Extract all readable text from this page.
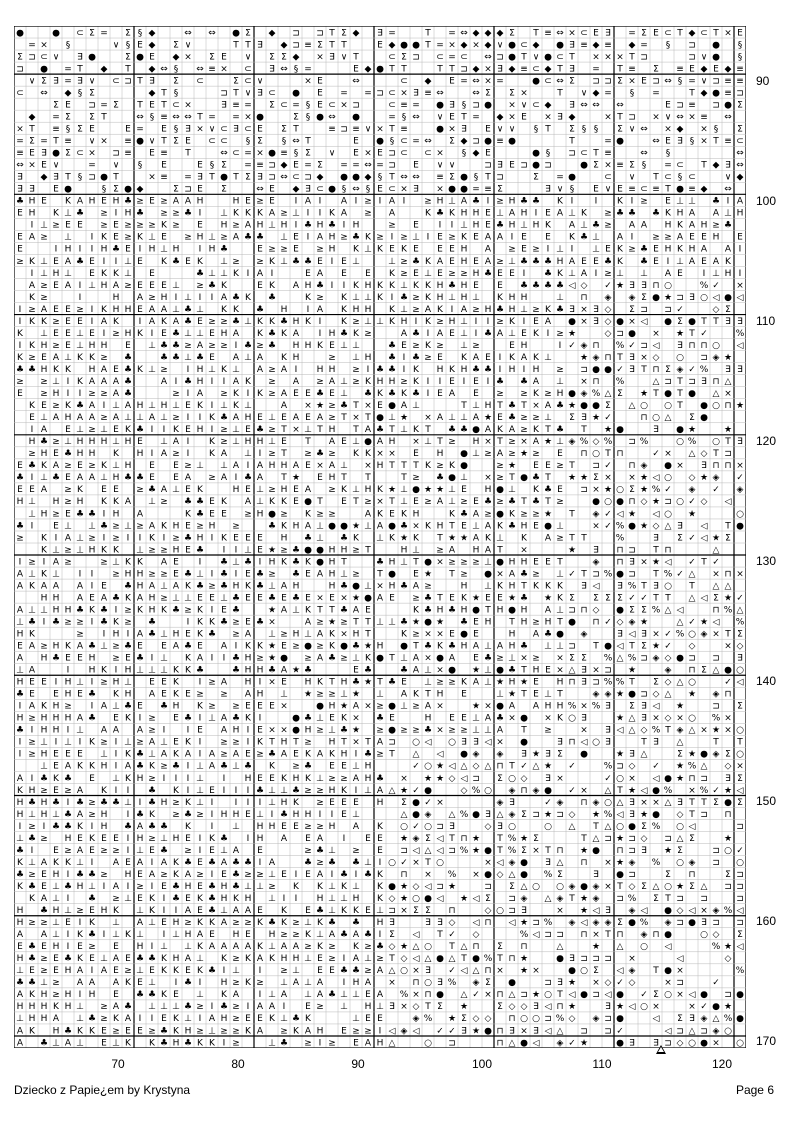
●	● ⊂ Σ = Σ § ◆	⇔ ⇔ ● Σ ◆ ⊐ ⊐ T Σ ◆ ∃ =	T = ⇔ ◆ ◆ ◆ Σ T ≡ ⇔ × ⊂ E ∃ = Σ E ⊂ T ◆ ⊂ T × E
= × §	∨ § E ◆ Σ ∨	T T ∃ ◆ ⊐ ≡ Σ T T	E ◆ ● ● T = × ◆ × ◆ ∨ ● ⊂ ◆ ● ∃ ≡ ◆ ≡ ◆ = § ⊐ ● §
Σ ⊐ ⊂ ∨ ∃ ●	Σ ● E ◆ × Σ E ∨ Σ Σ ◆ × ∃ ∨ T	⊂ Σ ⊐ ⊂ = ⊂ ⇔ ⊐ ● T ∨ ● ⊂ T × × × T ⊐	⊐ ∨ ● §
⊐ ● = T ◆ T ◆ ⇔ § ⇔ ≡ × ⊂ ∃ ⇔ § =	E ◆ ● T T	T T ⊐ ◆ × ∃ ◆ ≡ ⊂ ◆ T ∃ = T ≡ Σ ≡ E ◆ E ◆ ≡
∨ Σ ∃ = ∃ ∨ ⊂ ⊐ T ∃ Σ ⊂	Σ ⊂ ∨	× E	⇔	⊂ ◆ E = ⇔ × =	● ⊂ ⇔ Σ ⊐ ⊐ Σ × E ⊐ ⇔ § = ∨ ⊐ ≡ ≡
⊂ ⇔ ◆ § Σ	◆ T §	⊐ T ∨ ∃ ⊂ ● E = = ⊐ ⊂ × ∃ ≡ ⇔	⇔ Σ Σ ×	T ∨ ◆ = § =	T ◆ ● ≡ ⊐
Σ E ⊐ = Σ T E T ⊂ ×	∃ ≡ = Σ ⊂ = § E ⊂ × ⊐	⊂ ≡ = ● ∃ § ⊐ ● × ∨ ⊂ ◆ ∃ ⇔ ⇔ ⇔	E ⊐ ≡ ⊐ ● Σ
◆ = Σ Σ T	⇔ § ≡ ⇔ ⇔ T = = × ●	Σ § ● ⇔ ●	= § ⇔ ∨ E T = ◆ × E × ∃ ◆	× T ⊐ × ∨ ⇔ × ≡ ⇔
× T ≡ § Σ E	E = E § ∃ × ∨ ⊂ ∃ ⊂ E Σ T	≡ ⊐ ≡ ∨ × T ≡	● × ∃ E ∨ ∨ § T Σ § § Σ ∨ ⇔ × ◆ × § Σ
= Σ = T ≡ ∨ × ≡ ● ∨ T Σ E ⊂ ⊂ § Σ § ⇔ T	E ● § ⊂ = ⇔ Σ ◆ ⊐ ● ≡ ●	T	= ●	⇔ E ∃ § × T ≡ ⊂
≡ E ∃ ● Σ ⊂ × ⊐ ≡ E ≡ T	⇔ ⊂ = × ● ≡ § Σ ∨ E × E ⊐ ⊂ ⊂ × § ◆ E	● § ⊐ ⊂ T ≡	⇔ §	⇔
⇔ × E ∨	= ∨ § E	E § Σ = ≡ ⊐ ◆ E = Σ = = ⇔ = ⊐ E ∨ ∨	⊐ ∃ E ⊐ ● ⊐	● Σ × ≡ Σ § = ⊂ T ◆ ∃ ⇔
∃ ◆ ∃ T § ⊐ ● T	× ≡ = ∃ T ● T Σ ∃ ⊐ ⇔ ⊂ ⊐ ◆ ● ● ◆ § T ⇔ ⇔ ≡ Σ ● § T ⊐	Σ = ●	⊂ ∨ T ⊂ § ⊂	∨ ◆
∃ ∃ E ●	§ Σ ● ◆	Σ ⊐ E Σ	⇔ E ◆ ∃ ⊂ ● § ⇔ § E ⊂ × ∃ × ● ● = ≡ Σ	∃ ∨ § E ∨ E ≡ ⊂ ≡ T ● ≡ ◆ ⇔
♣ H E K A H E H ♣ ≥ E ≥ A A H	H E ≥ E I A I A I ≥ I A I ≥ H ⊥ A ♣ I ≥ H ♣ ♣ K I I K I ≥ E ⊥ ⊥ ♣ I A
E H K ⊥ ♣ ≥ I H ♣ ≥ ≥ ♣ I ⊥ K K K A ≥ ⊥ I I K A ≥ A	K ♣ K H H E ⊥ A H I E A ⊥ K ≥ ♣ ♣ ♣ K H A A ⊥ H
I ⊥ ≥ E E ≥ E ≥ ≥ ≥ K ≥ E H ≥ A H ⊥ H I ♣ H ♣ I H	≥ E I I ⊥ H E ♣ H ⊥ H K A ⊥ ♣ ≥ A A H K A H ≥ ♣
E A ≥ ⊥ I K E ≥ K ⊥ E ≥ H ⊥ ≥ A ♣ ♣ ⊥ E I A H ≥ ♣ K ≥ I ≥ ⊥ I E ≥ K E A A I E E K ♣ ⊥ A I ≥ ≥ A E E H E
E	I H I I H ♣ E I H ⊥ H I H ♣	E ≥ ≥ E ≥ H K ⊥ K E K E E E H A ≥ E ≥ I ⊥ I ⊥ E K ≥ ♣ E H K H A A I
≥ K ⊥ E A ♣ E I I ⊥ E K ♣ E K ⊥ ≥ ≥ K ⊥ ♣ ♣ E I E ⊥	⊥ ≥ ♣ K A E H E A ≥ ⊥ ♣ ♣ ♣ H A E E ♣ K ♣ E I ⊥ A E A K
I ⊥ H ⊥ E K K ⊥ E	♣ ⊥ ⊥ K I A I	E A E E K ≥ E ⊥ E ≥ ≥ H ♣ E E I ♣ K ⊥ A I ≥ ⊥ ⊥ A E I ⊥ H I
A ≥ E A I ⊥ H A ≥ E E E ⊥ ≥ ♣ K	E K A H ♣ I I K H K K ⊥ K K H ♣ H E E ♣ ♣ ♣ ♣ ◁ ◇ ✓ ★ ∃ ∃ ⊓ ○	% ✓ ×
K ≥	I	H A ≥ H I ⊥ I I A ♣ K ♣	K ≥ K ⊥ ⊥ K I ♣ ≥ K H ⊥ H ⊥ K H H	⊥ ⊓ ◈ ◈ Σ ● ★ ⊐ ∃ ○ ◁ ● ◁
I ≥ A E E ≥ I K H H E A A ⊥ ♣ ⊥ K K ♣ H I A K H H K ⊥ ≥ A K I A ≥ H ♣ H ⊥ ≥ K ♣ ∃ × ∃ ◇ Σ ⊐ ⊐ ✓	◇ Σ
I K K ≥ E E I A K I A K A ♣ E ≥ ≥ ♣ ⊥ K K ♣ H K I K ≥ ⊥ ⊥ K H I K ≥ H ⊥ I I ≥ K I E A ● × ∃ ◇ ● × ◁ ● Σ ● T T ∃ ∃
K ⊥ E E ⊥ E I ≥ H K I E ♣ ⊥ ⊥ E H A K ♣ K A I H ♣ K ≥	A ♣ I A E ⊥ I ♣ A ⊥ E K I ≥ ★	◇ ⊐ ● × ★ T ✓	%
I K H ≥ E ⊥ H H E ⊥ ♣ ♣ ≥ A ≥ ≥ I ♣ ≥ ♣ H H K E ⊥ ⊥	♣ E ≥ K ≥ ⊥ ≥	E H	I ✓ ◈ ⊓ % ✓ ⊐ ◁ ∃ ⊓ ⊓ ○ ◁
K ≥ E A ⊥ K K ≥ ♣	♣ ♣ ⊥ ♣ E A ⊥ A K H	≥ ⊥ H ♣ I ♣ ≥ E K A E I K A K ⊥	★ ◈ ⊓ T ∃ × ◇ ○ ⊐ ◈ ★
♣ ♣ H K K H A E ♣ K ⊥ ≥ I H ⊥ K ⊥ A ≥ A I H H ≥ I ♣ ♣ I K H K H ♣ ♣ I H I H ≥ ⊐ ● ● ✓ ∃ T ⊓ Σ ◈ ✓ % ∃ ∃
≥ ≥ ⊥ I K A A A ♣	A I ♣ H I I A K ≥ A ≥ A ⊥ ≥ K H H ≥ K I I E I E I ♣ ♣ A ⊥ × ⊓ %	△ ⊐ T ⊐ ∃ ⊓ △
E ≥ H I I ≥ ≥ A ♣	≥ I A ≥ K I K ≥ A E E ♣ E ⊥ ♣ K ♣ K ♣ I E A E ≥ ≥ K ≥ H ● ◈ % △ Σ ★ T ● T ● △ ×
K E ≥ K ♣ A I ⊥ A H ⊥ H ⊥ E K I ⊥ K ⊥	A × ★ ≥ ♣ T × E ● A ⊥	T ⊥ H T ♣ T × A ♣ ★ ● ● Σ △ ○ ○ T ● ○ ⊓ ★
E ⊥ A H A A ≥ A ⊥ ⊥ A ⊥ ≥ I I K ♣ A H E ⊥ E A E A ≥ T × T ● ⊥ ★ × A ⊥ ⊥ A ★ E ♣ ≥ ≥ ⊥ Σ ∃ ★ ✓	⊓ ○ △ Σ ●
I A E ⊥ ≥ ⊥ E K ♣ I I K E H I ≥ ⊥ E ♣ ≥ T × ⊥ T H T A ♣ T ⊥ K T ♣ ♣ ● A K A ≥ K T ♣ T ★ ●	∃ ● ★	★
H ♣ ≥ ⊥ H H H ⊥ H E ⊥ A I K ≥ ⊥ H H ⊥ E T A E ⊥ ● A H × ⊥ T ≥ H × T ≥ × A ★ ⊥ ◈ % ◇ % ⊐ %	○ % ○ T ∃
≥ H E ♣ H H K H I A ≥ I K A ⊥ I ≥ T ≥ ♣ ≥ K K × × E H ● ⊥ ≥ A ≥ ★ ≥ E ⊓ ○ T ⊓	✓ × △ ◇ T ⊐
E ♣ K A ≥ E ≥ K ⊥ H E E ≥ ⊥ ⊥ A I A H H A E × A ⊥ × H T T T K ≥ K ●	≥ ★ E E ≥ T ⊐ ✓ ⊓ ◈ ● × ∃ ⊓ ⊓ ×
♣ I ⊥ ♣ E A A ⊥ H ♣ ♣ E E A ≥ A I ♣ A T ★ E H T T	T ≥ ♣ ● ⊥ × ≥ T ● ♣ T ★ ★ Σ × × ★ ◁ ○ ◇ ★ ◈ ✓
E E A ≥ K E E ≥ ♣ A ⊥ E K	H E ⊥ ≥ H E A ≥ K ⊥ H K ★ ⊥ ● ★ ★ ⊥ E H ● ⊥ K ♣ E ⊐ × ★ ○ Σ ★ % ✓ ◈ ✓ ◈
H ⊥ H ≥ H K K A ⊥ ≥ ♣ ♣ E K A ⊥ K K E ● T E T ≥ × T ⊥ E ≥ A ⊥ ≥ E ♣ ≥ ♣ T ♣ T ≥	● ○ ● ⊓ ◇ ★ ⊐ ○ ✓ ◇ ◁
⊥ H ≥ E ♣ ♣ I H A	K ♣ E E ≥ H ● ≥ K ≥ ≥	A K E K H	K ♣ A ≥ ● K ≥ ≥ ★ T ◈ ✓ ◁ ★ ◁ ○ ★	○
♣ I E ⊥ ⊥ ♣ ≥ ⊥ ≥ A K H E ≥ H ≥	♣ K H A ⊥ ● ● ★ ⊥ A ● ♣ × K H T E ⊥ A K ♣ H E ● ⊥	× ✓ % ● ★ ◇ △ ∃ ◁ T ●
≥ K I A ⊥ ≥ I ≥ I I K I ≥ ♣ H I K E E E H ♣ ⊥ ♣ K ⊥ K ★ K T ★ ★ A K ⊥ K A ≥ T T	%	∃ Σ ✓ ◁ ★ Σ
K ⊥ ≥ ⊥ H K K ⊥ ≥ ≥ H E ♣ I I ⊥ E ★ ≥ ♣ ● ● H H ≥ T	H ⊥ ≥ A H A T ×	★ ∃ ⊓ ⊐ T ⊓	△
I ≥ I A ≥	≥ ⊥ K K A E I ♣ ⊥ ♣ I H K ♣ K ● H T	♣ H ⊥ T ● × ≥ ≥ ≥ ⊥ ● H H E E T	◈ ⊓ ∃ × ★ ◁ ✓ T ✓
A ⊥ K ⊥ I I ≥ H H ≥ ≥ E ♣ ⊥ I ♣ I E ♣ ≥ ♣ E A H ⊥ ≥ T ● E ★ T ≥ ● × A ♣ ≥ ⊥ ✓ T ⊐ % ● ⊐ T % ✓ △ × ⊓ ×
A K A A A I E ♣ H A ⊥ A K ♣ ≥ ♣ H K ♣ ⊥ A H	H ♣ ● ⊥ × H ♣ A ≥	H ⊥ K H T K K K ∃ ◁ ∃ % T ∃ ○ T △ △
H H A E A ♣ K A H ≥ ⊥ ⊥ E E ⊥ ♣ E E ♣ E ♣ E × E × ★ ● A E ≥ ♣ T E K ★ E E ★ ♣ ★ K Σ Σ Σ Σ ✓ ✓ T T △ ◁ Σ ★ ✓
A ⊥ ⊥ H H ♣ K ♣ I ≥ K H K ♣ ≥ K I E ♣	★ A ⊥ K T T ♣ A E	K ♣ H ♣ H ● T H ● H A ⊥ ⊐ ⊓ ◇ ● Σ Σ % △ ◁	⊓ % △
⊥ ♣ I ♣ ≥ ≥ I ♣ K ≥ ♣	I K K ♣ ≥ E ♣ ×	A ≥ ★ ≥ T T ⊥ ⊥ ♣ ★ ● ★ ♣ E H T H ≥ H T ● ⊓ ✓ ◇ ◈ ★	△ ✓ ★ ◁ %
H K	≥ I H I A ♣ ⊥ H E K ♣ ≥ A ⊥ ≥ H ⊥ A K × H T	K ≥ × × E ● E	H A ♣ ● ◈	∃ ◁ ∃ × ✓ % ○ ◈ × T Σ
E A ≥ H K A ♣ ⊥ ≥ ♣ E E A ♣ E A I K K ★ E ≥ ● ≥ K ● ♣ ★ H ● T ♣ K ♣ H A ⊥ A H ♣ ⊥ ⊥ ⊐ T ● ◁ T Σ ★ ✓ ◇	× ◇
A H ♣ E E H ≥ E ♣ I ⊥ K A I I ♣ H ≥ ★ ● ≥ A ♣ ≥ ⊥ K ● T ⊥ A × ● A E ♣ ≥ ⊥ × ≥ × Σ Σ % △ % ⊐ ◈ ◇ ● ⊐ ⊐ ∃
⊥ A	I H K I H ⊥ ⊥ ⊥ K K ♣	♣ H H ♣ A ★ ♣	E ♣	♣ A ⊥ × ● ★ ⊥ ● ♣ T H E × △ ∃ × ⊐ ★	◈ ⊓ Σ △ ● ○
H E E I H ⊥ I ≥ H ⊥ E E K I ≥ A H I × E H K T H ♣ ★ T ♣ E ⊥ ≥ ≥ K A ⊥ ★ H ★ E H ⊓ ∃ ⊐ % % T Σ ◇ △ ○	✓ ◁
♣ E E H E ♣ K H A E K E ≥ ≥ A H ⊥ ★ ≥ ≥ ⊥ ★ ⊥ A K T H E	⊥ ★ T E ⊥ T	◈ ◈ ★ ● ⊐ ◇ △ ★ ◈ ⊓
I A K H ≥ I A ⊥ ♣ E ♣ H K ≥ ≥ E E E ×	● H ★ A × ≥ ● ⊥ ≥ A ×	★ × ● A A H H % × % ∃ Σ ∃ ◁ ★	⊐ Σ
H ≥ H H H A ♣ E K I ≥ E ♣ I ⊥ A ♣ K I	● ♣ ⊥ E K × ♣ E	H E E ⊥ A ♣ × ● × K ○ ∃	★ △ ∃ × ◇ × ○ % ×
♣ I H H I ⊥ A A A ≥ I I E A H I E × × ● H ≥ ⊥ ♣ ★ ≥ ● ≥ ≥ ♣ × ≥ ≥ ⊥ ⊥ A T ≥	× ∃ ◁ △ ◇ % T ◈ △ × ★ × ○
I ≥ ⊥ I ⊥ I K ≥ I ⊥ ≥ A ⊥ E K I ≥ ≥ I K T H T ≥ H T × T A ⊐ ○ ◁ ○ ∃ ∃ ◁ × ●	∃ ⊓ ◁ ○ ∃	T ∃ △	T T
I ≥ H E E E ⊥ I K ♣ ⊥ A K A I A ≥ A E ≥ ♣ A E K A K H I ♣ ≥ T △ ◁ ● ◈ ◈ ∃ ★ ∃ Σ ●	★ ∃ △	Σ ★ ● ◈ Σ ○
⊥ E A K K H I A ♣ K ≥ ♣ I ⊥ A ♣ ⊥ ♣ K ≥ ♣ E E ⊥ H	✓ ○ ★ ◁ △ ◇ △ ⊓ T ✓ △ ★ ✓	% ⊐ ◇ ✓ ★ % △ ◇ ×
A I ♣ K ♣ E ⊥ K H ≥ I I I ⊥ I H E E K H K ⊥ ≥ ≥ A H ♣ × ★ ★ ◇ ◁ ⊐ Σ ○ ◇ ∃ ×	✓ ○ × ◁ ● ★ ⊓ ⊐ ∃ Σ
K H ≥ E ≥ A K I I ♣ K I ⊥ E I I I ♣ ⊥ ⊥ ♣ ≥ ≥ H K I ⊥ A △ ★ ✓ ●	◇ % ○ ◈ ⊓ ◈ ● ✓ × △ T ★ ◁ ● % × % ✓ ★ ◁
H ♣ H ♣ I ♣ ≥ ♣ ♣ ⊥ I ♣ H ≥ K ⊥ I I I I ⊥ H K ≥ E E E H Σ ● ✓ ×	◈ ∃	✓ ◈ ⊓ ◈ ○ △ ∃ × × △ ∃ T T Σ ● Σ
H ⊥ H ⊥ ♣ A ≥ H I ♣ K ≥ ♣ ≥ I H H E ⊥ I ♣ H H I I E ⊥	△ ● ◈ △ % ● ∃ △ ◈ Σ ⊐ ★ ⊐ ◇ ★ % ◁ ∃ ★ ● ◇ T ⊐ ⊓
I ≥ I ♣ ♣ K I H ♣ A ♣ ♣ K I ⊥ H H E E ≥ ≥ H A K ○ ✓ ○ ⊐ ∃	◇ ∃ ○	○ △ T △ ○ ● Σ % ○ ◁	⊐
⊥ ♣ ≥ H E K E E I H ≥ ⊥ H E I K ♣ I H A E A I E E ★ ◈ Σ ◁ T ⊓ ★ T % ★ Σ	T △ ⊐ ★ ⊐ ◇ ⊐ △ Σ	★
♣ I E ≥ A E ≥ ≥ I ⊥ E ♣ ≥ I E ⊥ A E	≥ ♣ ⊥ ≥ E ⊐ ◁ △ ◁ ⊐ % ★ ● T % Σ × T ⊓ ★ ● ⊓ ⊐ ∃ ★ Σ	⊐ ○ ✓
K ⊥ A K K ⊥ I A E A I A K ♣ E ♣ A ♣ ♣ I A	♣ ≥ ♣ ♣ ⊥ I ○ ✓ × T ○	× ◁ ◈ ● ∃ △ ⊓ × ★ ◈ % ○ ◈ ⊐ ○
♣ ≥ E H I ♣ ♣ ≥ H E A ≥ K A ≥ I E ♣ ≥ ≥ ⊥ E I E A I ♣ I ♣ K ⊓ × % × ● ◇ △ ● % Σ	∃ ● ⊐	Σ ⊓	Σ ⊐
K ♣ E ⊥ ♣ H ⊥ I A I ≥ I E ♣ H E ♣ H ♣ ⊥ ⊥ ≥ K K ⊥ K ⊥ K ● ★ ◇ ◁ ⊐ ★	⊐ Σ △ ○ ○ ◈ ● ◈ × T ◇ Σ △ ○ ★ Σ △ ⊐ ⊐
K A ⊥ I ♣ ≥ ⊥ E K I ♣ E K ♣ H K H ⊥ I I H ⊥ ⊥ H K ◇ ★ ○ ● ◁ ★ ◁ Σ ⊐ ◈ △ ◈ T ★ ◈ ⊐ % Σ T ⊐ ⊐	⊐
H ♣ H ⊥ ≥ E H K ⊥ K I I A E ♣ ⊥ A A E K E ♣ ⊥ K K E ⊥ ⊐ × Σ Σ ⊓	◇ ○ ⊐ ∃	× ★ ◁ ∃ ◈ ◁ ● ◇ ◁ × ◈ % ◁
H ≥ ≥ ⊥ E I K ⊥ A ⊥ E H ≥ K K A ≥ ≥ K ♣ K ≥ ⊥ K ♣ ♣ H ∃	∃ ∃ ◇ ◁ ⊓ ◁ ★ ⊐ % ◈ ◁ ◈ ◈ Σ ● % ◈ ⊐ ● ∃ ⊐ ⊐
A A ⊥ I K ♣ I ⊥ K ⊥ I ⊥ H A E H E H ≥ ≥ K ⊥ A ♣ A ♣ I Σ ◁ T ✓ ◇	% ◁ ⊐ ⊐ ⊓ × T ⊓ ◈ ⊓ ●	○ ◇ Σ
E ♣ E H I E ≥ E H I ⊥ ⊥ K A A A A K ⊥ A A ≥ K ≥ K ≥ ♣ ◇ ★ △ ○ T △ ⊓ Σ ⊓	△	★ △ ○ ◁	% ★ ◁
H ♣ ≥ E ♣ K E ⊥ A E ♣ ♣ K H A ⊥ K ≥ K A K H H ⊥ E ≥ I A ⊥ ≥ T ◇ ◁ △ ● △ T ● % T ⊓ ★	● ∃ ⊐ ⊐ ⊐ ×	◁	◇
⊥ E ≥ E H A I A E ≥ ⊥ E K K E K ♣ I ⊥ I ≥ ⊥ E E ♣ ♣ ≥ A △ ○ × ∃ ✓ ◁ △ ⊓ × ★ ×	● ○ Σ ◁ ◈ T ● ×	%
♣ ♣ ⊥ ≥ A A A K E ⊥ I ♣ I H ≥ K ≥ ⊥ A ⊥ A I H A × ⊓ ○ ∃ % ◈ Σ ●	⊐ ∃ ★ × ◇ ✓ ◇	× ⊐	✓
A K H ≥ H I H E ♣ ♣ K E ⊥ K A I ⊥ A ⊥ A ♣ ⊥ ⊥ E A % × ⊓ ● △ ✓ × ⊓ △ ⊐ ★ ○ T ◁ ● ⊐ ◁ ● ✓ Σ ○ × ◁ ● ⊐ ●
H H H K H ⊥ ≥ A ♣ ⊥ ⊥ ⊥ ♣ ≥ I ♣ ≥ I A A I E ≥ ⊥ H ⊥ ∃ × ◇ T Σ ★	Σ ◇ ◇ ∃ ◁ ⊓ ★	∃ ★ ◁ ○ ×	× ✓ ● ★
⊥ H H A ⊥ ♣ ≥ K A I I E K ⊥ I A H ≥ E E K ⊥ ♣ K	⊥ E E	◈ % ★ Σ ◇ ◇ ⊓ ○ ○ ⊐ % ◇ ◈ ⊐ ●	◁ Σ ∃ ◈ △ % ●
A K H ♣ K K E ≥ E E ≥ ♣ K H ≥ ⊥ ≥ ≥ K A ≥ K A H E ≥ ≥ I ◁ ◈ ◁ ✓ ✓ ∃ ★ ● ⊓ ∃ × ∃ ◁ △ ⊐ ⊐ ✓	◁ ⊐ △ ⊐ ◈ ○
A ♣ ⊥ A ⊥ E ⊥ K K ♣ H ♣ K K I ≥	⊥ ♣ ≥ I ≥ E A H △	○ ⊐	⊓ △ ● ◁ ◈ ✓ ★	● ∃ ∃ ⊐ ◇ ○ ● × ○
90
100
110
120
130
140
150
160
170
70	80	90	100	110	120
Dziecko z Papie¿em by Krystyna	Page 6
